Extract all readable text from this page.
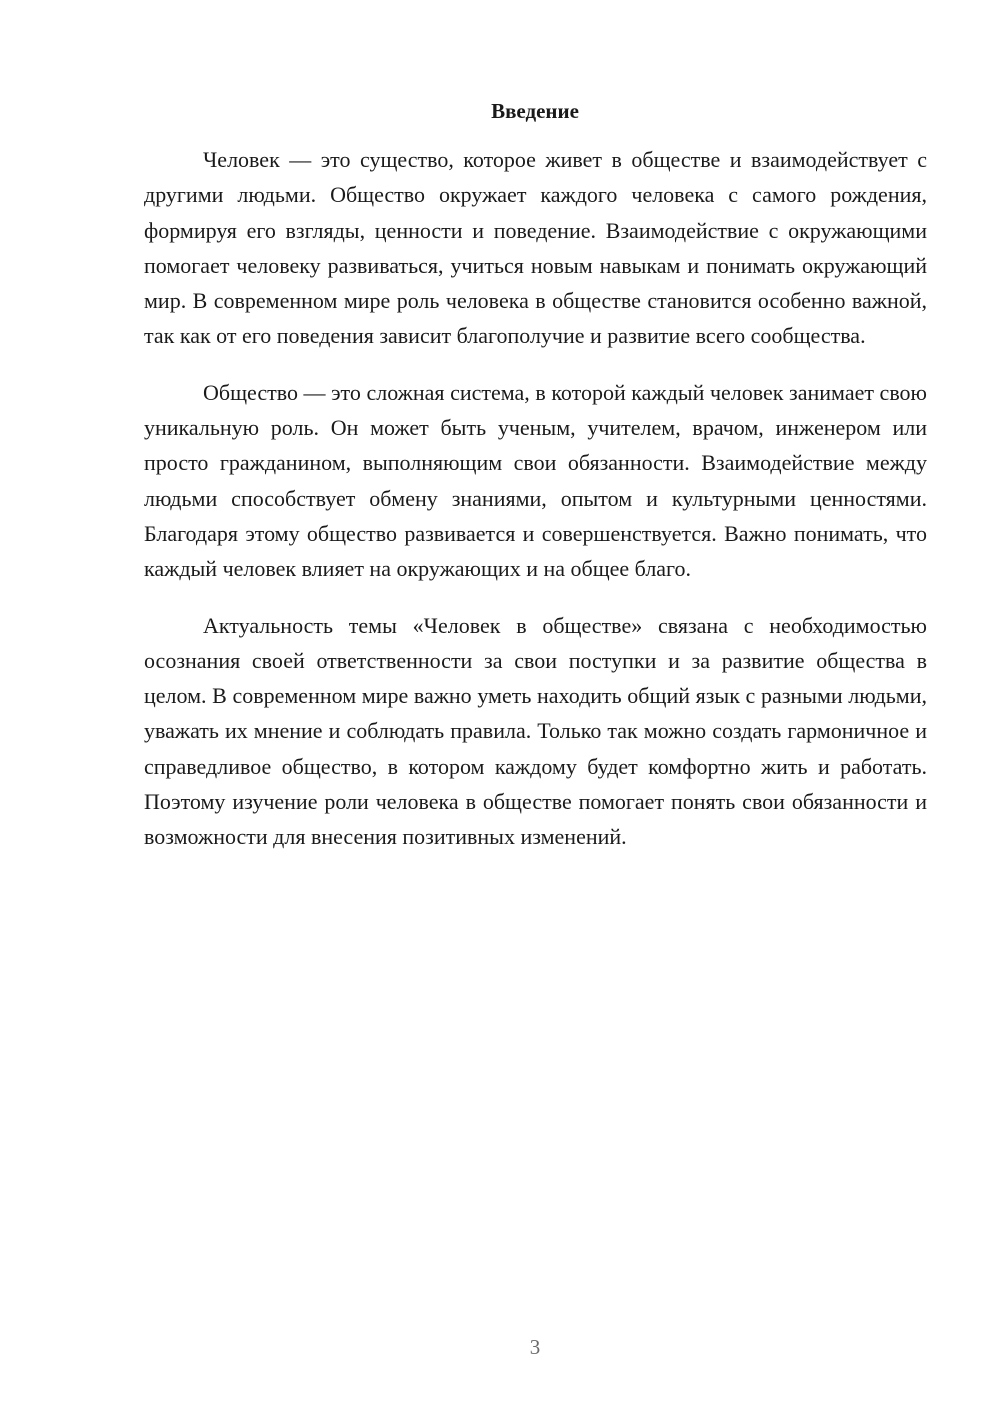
Введение

Человек — это существо, которое живет в обществе и взаимодействует с другими людьми. Общество окружает каждого человека с самого рождения, формируя его взгляды, ценности и поведение. Взаимодействие с окружающими помогает человеку развиваться, учиться новым навыкам и понимать окружающий мир. В современном мире роль человека в обществе становится особенно важной, так как от его поведения зависит благополучие и развитие всего сообщества.

Общество — это сложная система, в которой каждый человек занимает свою уникальную роль. Он может быть ученым, учителем, врачом, инженером или просто гражданином, выполняющим свои обязанности. Взаимодействие между людьми способствует обмену знаниями, опытом и культурными ценностями. Благодаря этому общество развивается и совершенствуется. Важно понимать, что каждый человек влияет на окружающих и на общее благо.

Актуальность темы «Человек в обществе» связана с необходимостью осознания своей ответственности за свои поступки и за развитие общества в целом. В современном мире важно уметь находить общий язык с разными людьми, уважать их мнение и соблюдать правила. Только так можно создать гармоничное и справедливое общество, в котором каждому будет комфортно жить и работать. Поэтому изучение роли человека в обществе помогает понять свои обязанности и возможности для внесения позитивных изменений.

3
